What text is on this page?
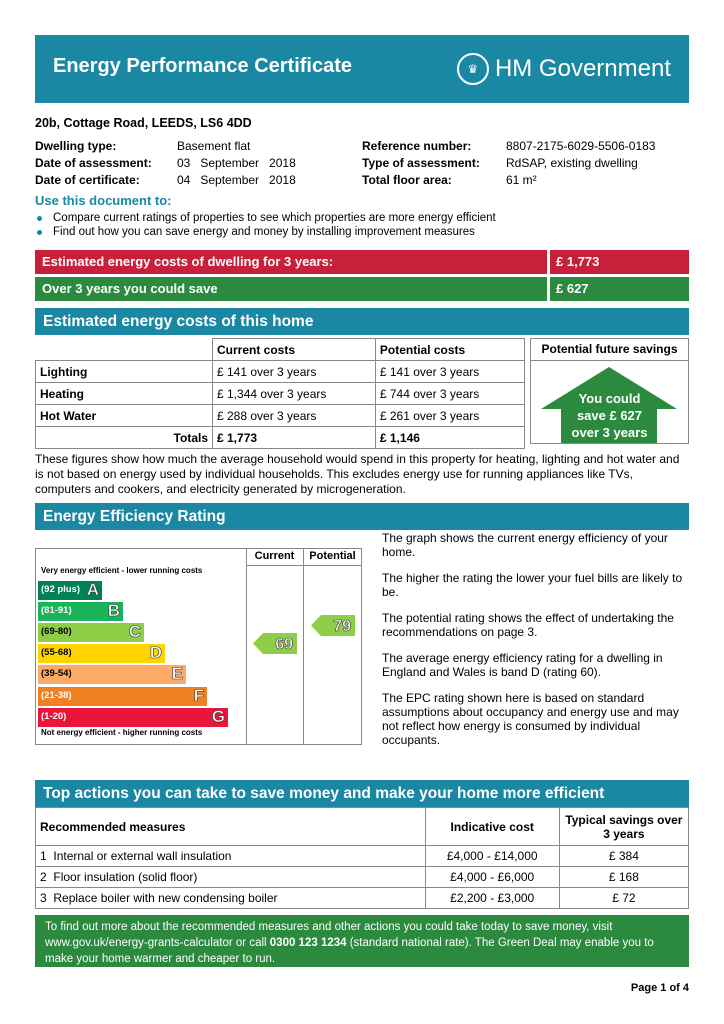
Energy Performance Certificate	♛ HM Government
20b, Cottage Road, LEEDS, LS6 4DD
Dwelling type:	Basement flat
Date of assessment:	03   September   2018
Date of certificate:	04   September   2018
Reference number:	8807-2175-6029-5506-0183
Type of assessment:	RdSAP, existing dwelling
Total floor area:	61 m²
Use this document to:
Compare current ratings of properties to see which properties are more energy efficient
Find out how you can save energy and money by installing improvement measures
Estimated energy costs of dwelling for 3 years:	£ 1,773
Over 3 years you could save	£ 627
Estimated energy costs of this home
	Current costs	Potential costs
Lighting	£ 141 over 3 years	£ 141 over 3 years
Heating	£ 1,344 over 3 years	£ 744 over 3 years
Hot Water	£ 288 over 3 years	£ 261 over 3 years
Totals	£ 1,773	£ 1,146
Potential future savings
You could
save £ 627
over 3 years
These figures show how much the average household would spend in this property for heating, lighting and hot water and is not based on energy used by individual households. This excludes energy use for running appliances like TVs, computers and cookers, and electricity generated by microgeneration.
Energy Efficiency Rating
Current	Potential
Very energy efficient - lower running costs
Not energy efficient - higher running costs
(92 plus) A
(81-91) B
(69-80)	C
(55-68)	D
(39-54)	E
(21-38)	F
(1-20)	G
69
79

The graph shows the current energy efficiency of your home.

The higher the rating the lower your fuel bills are likely to be.

The potential rating shows the effect of undertaking the recommendations on page 3.

The average energy efficiency rating for a dwelling in England and Wales is band D (rating 60).

The EPC rating shown here is based on standard assumptions about occupancy and energy use and may not reflect how energy is consumed by individual occupants.

Top actions you can take to save money and make your home more efficient
Recommended measures	Indicative cost	Typical savings over 3 years
1 Internal or external wall insulation	£4,000 - £14,000	£ 384
2 Floor insulation (solid floor)	£4,000 - £6,000	£ 168
3 Replace boiler with new condensing boiler	£2,200 - £3,000	£ 72
To find out more about the recommended measures and other actions you could take today to save money, visit www.gov.uk/energy-grants-calculator or call 0300 123 1234 (standard national rate). The Green Deal may enable you to make your home warmer and cheaper to run.
Page 1 of 4
